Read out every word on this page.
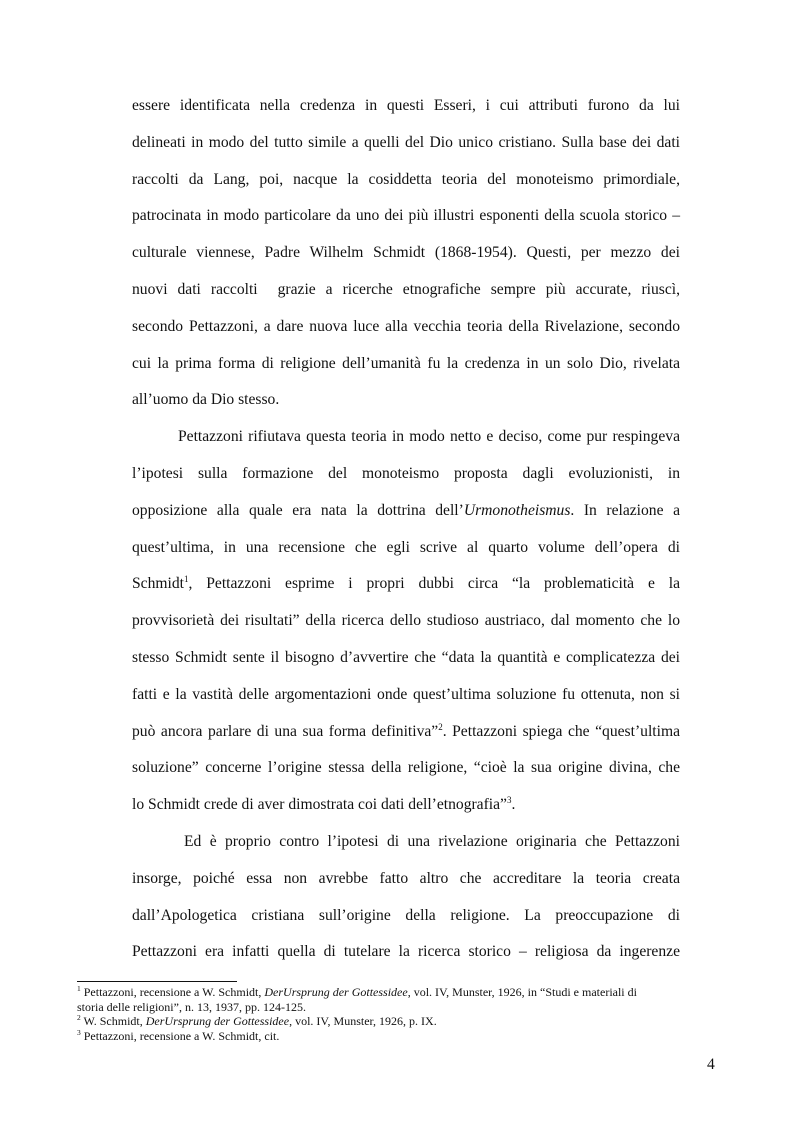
essere identificata nella credenza in questi Esseri, i cui attributi furono da lui
delineati in modo del tutto simile a quelli del Dio unico cristiano. Sulla base dei dati
raccolti da Lang, poi, nacque la cosiddetta teoria del monoteismo primordiale,
patrocinata in modo particolare da uno dei più illustri esponenti della scuola storico –
culturale viennese, Padre Wilhelm Schmidt (1868-1954). Questi, per mezzo dei
nuovi dati raccolti  grazie a ricerche etnografiche sempre più accurate, riuscì,
secondo Pettazzoni, a dare nuova luce alla vecchia teoria della Rivelazione, secondo
cui la prima forma di religione dell’umanità fu la credenza in un solo Dio, rivelata
all’uomo da Dio stesso.
Pettazzoni rifiutava questa teoria in modo netto e deciso, come pur respingeva
l’ipotesi sulla formazione del monoteismo proposta dagli evoluzionisti, in
opposizione alla quale era nata la dottrina dell’Urmonotheismus. In relazione a
quest’ultima, in una recensione che egli scrive al quarto volume dell’opera di
Schmidt$^1$, Pettazzoni esprime i propri dubbi circa “la problematicità e la
provvisorietà dei risultati” della ricerca dello studioso austriaco, dal momento che lo
stesso Schmidt sente il bisogno d’avvertire che “data la quantità e complicatezza dei
fatti e la vastità delle argomentazioni onde quest’ultima soluzione fu ottenuta, non si
può ancora parlare di una sua forma definitiva”$^2$. Pettazzoni spiega che “quest’ultima
soluzione” concerne l’origine stessa della religione, “cioè la sua origine divina, che
lo Schmidt crede di aver dimostrata coi dati dell’etnografia”$^3$.
Ed è proprio contro l’ipotesi di una rivelazione originaria che Pettazzoni
insorge, poiché essa non avrebbe fatto altro che accreditare la teoria creata
dall’Apologetica cristiana sull’origine della religione. La preoccupazione di
Pettazzoni era infatti quella di tutelare la ricerca storico – religiosa da ingerenze

$^1$ Pettazzoni, recensione a W. Schmidt, DerUrsprung der Gottessidee, vol. IV, Munster, 1926, in “Studi e materiali di
storia delle religioni”, n. 13, 1937, pp. 124-125.

$^2$ W. Schmidt, DerUrsprung der Gottessidee, vol. IV, Munster, 1926, p. IX.

$^3$ Pettazzoni, recensione a W. Schmidt, cit.

4
